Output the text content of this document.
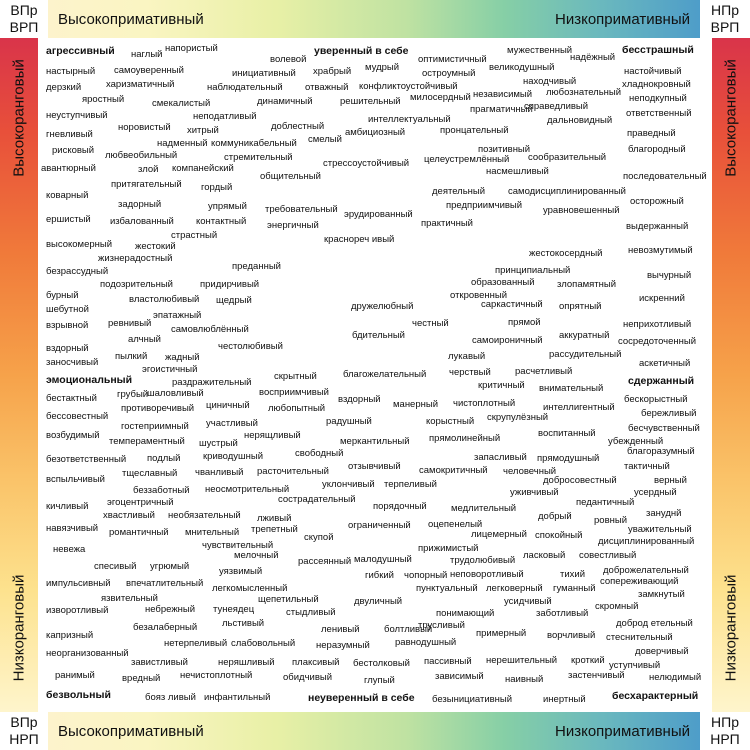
ВПр
ВРП
НПр
ВРП
ВПр
НРП
НПр
НРП
Высокопримативный	Низкопримативный
Высокопримативный	Низкопримативный
Высокоранговый
Низкоранговый
Высокоранговый
Низкоранговый
агрессивный наглый
напористый
волевой
уверенный в себе
оптимистичный
мужественный
надёжный
бесстрашный
настырный самоуверенный	инициативный храбрый мудрый
остроумный
великодушный	настойчивый
дерзкий	харизматичный	наблюдательный отважный конфликтоустойчивый	находчивый	хладнокровный
яростный	смекалистый	динамичный	решительный милосердный независимый любознательный
неподкупный
неуступчивый	неподатливый	интеллектуальный
прагматичный
справедливый
ответственный
норовистый хитрый	доблестный
дальновидный
гневливый
надменный	смелый
амбициозный	пронцательный
коммуникабельный
праведный
рисковый любвеобильный	стремительный
позитивный	благородный
авантюрный	злой компанейский	стрессоустойчивый целеустремлённый сообразительный
общительный	насмешливый	последовательный
притягательный гордый
коварный	деятельный самодисциплинированный
осторожный
задорный	упрямый требовательный эрудированный
предприимчивый уравновешенный
ершистый избалованный контактный энергичный	практичный	выдержанный
страстный	краснореч ивый
высокомерный жестокий
жестокосердный	невозмутимый
жизнерадостный
безрассудный	преданный	принципиальный	вычурный
подозрительный	придирчивый	образованный злопамятный
бурный	властолюбивый щедрый	откровенный	искренний
шебутной
эпатажный
дружелюбный	саркастичный опрятный
взрывной ревнивый
самовлюблённый
честный	прямой	неприхотливый
алчный	бдительный	самоироничный аккуратный
сосредоточенный
вздорный	честолюбивый
пылкий жадный	лукавый	рассудительный
заносчивый
эгоистичный
аскетичный
скрытный	благожелательный черствый	расчетливый
эмоциональный	раздражительный	сдержанный
бестактный грубый
шаловливый	восприимчивый
критичный внимательный
бескорыстный
противоречивый циничный любопытный
вздорный манерный чистоплотный	интеллигентный
бережливый
бессовестный
гостеприимный участливый	радушный	корыстный скрупулёзный
бесчувственный
возбудимый	нерящливый	воспитанный
темпераментный шустрый	меркантильный прямолинейный	убежденный
безответственный подлый криводушный	свободный	запасливый прямодушный
благоразумный
тщеславный чванливый расточительный отзывчивый самокритичный человечный	тактичный
вспыльчивый	уклончивый терпеливый	добросовестный	верный
беззаботный неосмотрительный	уживчивый	усердный
эгоцентричный	сострадательный	педантичный
кичливый	порядочный	медлительный	зануднй
хвастливый необязательный лживый	добрый ровный
навязчивый	ограниченный оцепенелый	уважительный
романтичный мнительный трепетный
скупой	лицемерный спокойный
невежа	чувствительный	прижимистый
дисциплинированный
мелочный	малодушный	трудолюбивый ласковый совестливый
спесивый угрюмый	рассеянный
доброжелательный
уязвимый	гибкий чопорный неповоротливый	тихий
импульсивный впечатлительный легкомысленный	пунктуальный легковерный гуманный
сопереживающий
щепетильный	двуличный	усидчивый
замкнутый
язвительный
изворотливый	небрежный тунеядец	стыдливый	понимающий	заботливый
скромный
безалаберный	льстивый
ленивый	болтливый
трусливый	доброд етельный
капризный	примерный ворчливый стеснительный
нетерпеливый слабовольный неразумный	равнодушный
доверчивый
неорганизованный
завистливый	неряшливый плаксивый бестолковый пассивный нерешительный кроткий уступчивый
ранимый	вредный нечистоплотный	обидчивый	глупый	зависимый наивный	застенчивый	нелюдимый
безвольный	бояз ливый инфантильный	неуверенный в себе безынициативный	инертный	бесхарактерный
